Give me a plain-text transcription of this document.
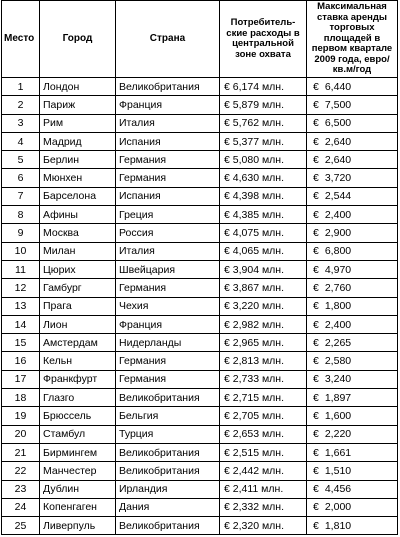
Место	Город	Страна	Потребитель-ские расходы в центральной зоне охвата	Максимальная ставка аренды торговых площадей в первом квартале 2009 года, евро/кв.м/год
1	Лондон	Великобритания	€ 6,174 млн.	€ 6,440
2	Париж	Франция	€ 5,879 млн.	€ 7,500
3	Рим	Италия	€ 5,762 млн.	€ 6,500
4	Мадрид	Испания	€ 5,377 млн.	€ 2,640
5	Берлин	Германия	€ 5,080 млн.	€ 2,640
6	Мюнхен	Германия	€ 4,630 млн.	€ 3,720
7	Барселона	Испания	€ 4,398 млн.	€ 2,544
8	Афины	Греция	€ 4,385 млн.	€ 2,400
9	Москва	Россия	€ 4,075 млн.	€ 2,900
10	Милан	Италия	€ 4,065 млн.	€ 6,800
11	Цюрих	Швейцария	€ 3,904 млн.	€ 4,970
12	Гамбург	Германия	€ 3,867 млн.	€ 2,760
13	Прага	Чехия	€ 3,220 млн.	€ 1,800
14	Лион	Франция	€ 2,982 млн.	€ 2,400
15	Амстердам	Нидерланды	€ 2,965 млн.	€ 2,265
16	Кельн	Германия	€ 2,813 млн.	€ 2,580
17	Франкфурт	Германия	€ 2,733 млн.	€ 3,240
18	Глазго	Великобритания	€ 2,715 млн.	€ 1,897
19	Брюссель	Бельгия	€ 2,705 млн.	€ 1,600
20	Стамбул	Турция	€ 2,653 млн.	€ 2,220
21	Бирмингем	Великобритания	€ 2,515 млн.	€ 1,661
22	Манчестер	Великобритания	€ 2,442 млн.	€ 1,510
23	Дублин	Ирландия	€ 2,411 млн.	€ 4,456
24	Копенгаген	Дания	€ 2,332 млн.	€ 2,000
25	Ливерпуль	Великобритания	€ 2,320 млн.	€ 1,810
